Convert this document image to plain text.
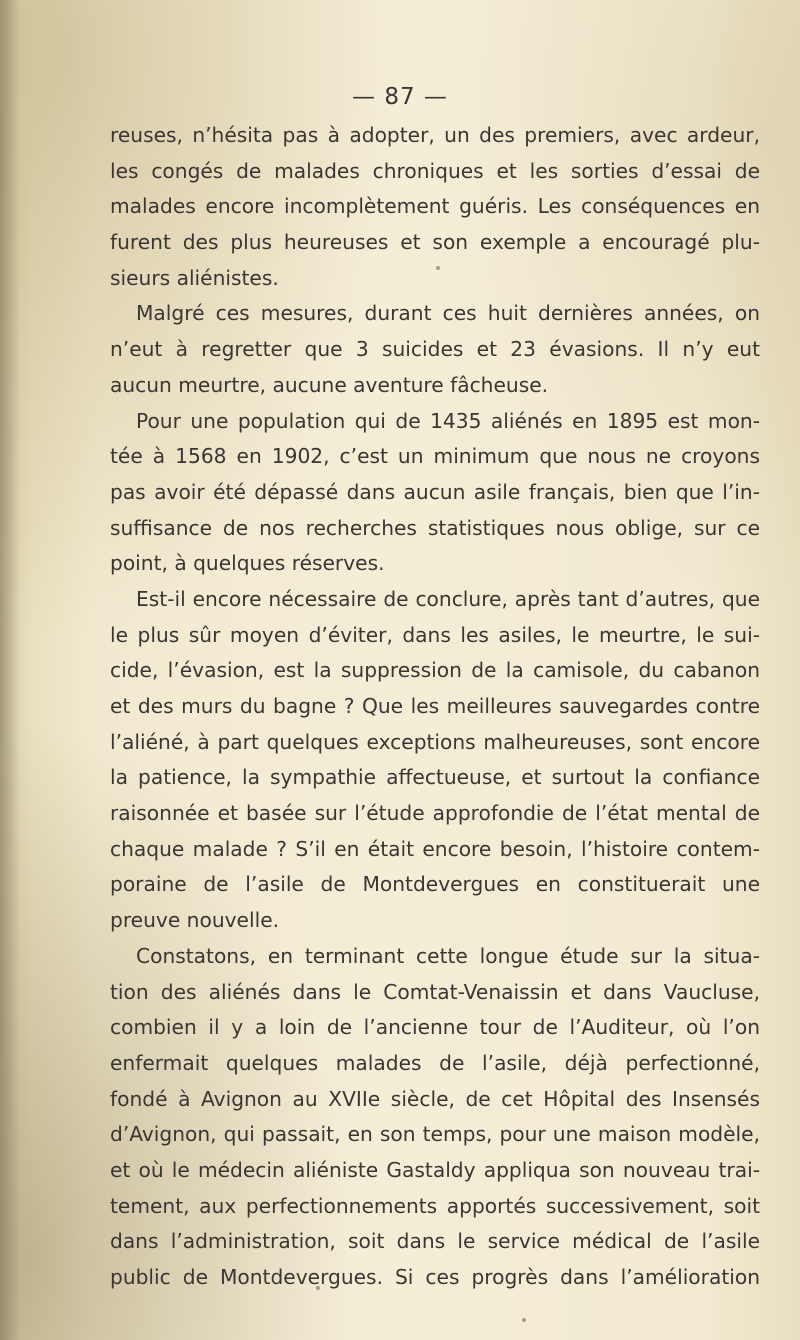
— 87 —
reuses, n’hésita pas à adopter, un des premiers, avec ardeur,
les congés de malades chroniques et les sorties d’essai de
malades encore incomplètement guéris. Les conséquences en
furent des plus heureuses et son exemple a encouragé plu-
sieurs aliénistes.
Malgré ces mesures, durant ces huit dernières années, on
n’eut à regretter que 3 suicides et 23 évasions. Il n’y eut
aucun meurtre, aucune aventure fâcheuse.
Pour une population qui de 1435 aliénés en 1895 est mon-
tée à 1568 en 1902, c’est un minimum que nous ne croyons
pas avoir été dépassé dans aucun asile français, bien que l’in-
suffisance de nos recherches statistiques nous oblige, sur ce
point, à quelques réserves.
Est-il encore nécessaire de conclure, après tant d’autres, que
le plus sûr moyen d’éviter, dans les asiles, le meurtre, le sui-
cide, l’évasion, est la suppression de la camisole, du cabanon
et des murs du bagne ? Que les meilleures sauvegardes contre
l’aliéné, à part quelques exceptions malheureuses, sont encore
la patience, la sympathie affectueuse, et surtout la confiance
raisonnée et basée sur l’étude approfondie de l’état mental de
chaque malade ? S’il en était encore besoin, l’histoire contem-
poraine de l’asile de Montdevergues en constituerait une
preuve nouvelle.
Constatons, en terminant cette longue étude sur la situa-
tion des aliénés dans le Comtat-Venaissin et dans Vaucluse,
combien il y a loin de l’ancienne tour de l’Auditeur, où l’on
enfermait quelques malades de l’asile, déjà perfectionné,
fondé à Avignon au XVIIe siècle, de cet Hôpital des Insensés
d’Avignon, qui passait, en son temps, pour une maison modèle,
et où le médecin aliéniste Gastaldy appliqua son nouveau trai-
tement, aux perfectionnements apportés successivement, soit
dans l’administration, soit dans le service médical de l’asile
public de Montdevergues. Si ces progrès dans l’amélioration
